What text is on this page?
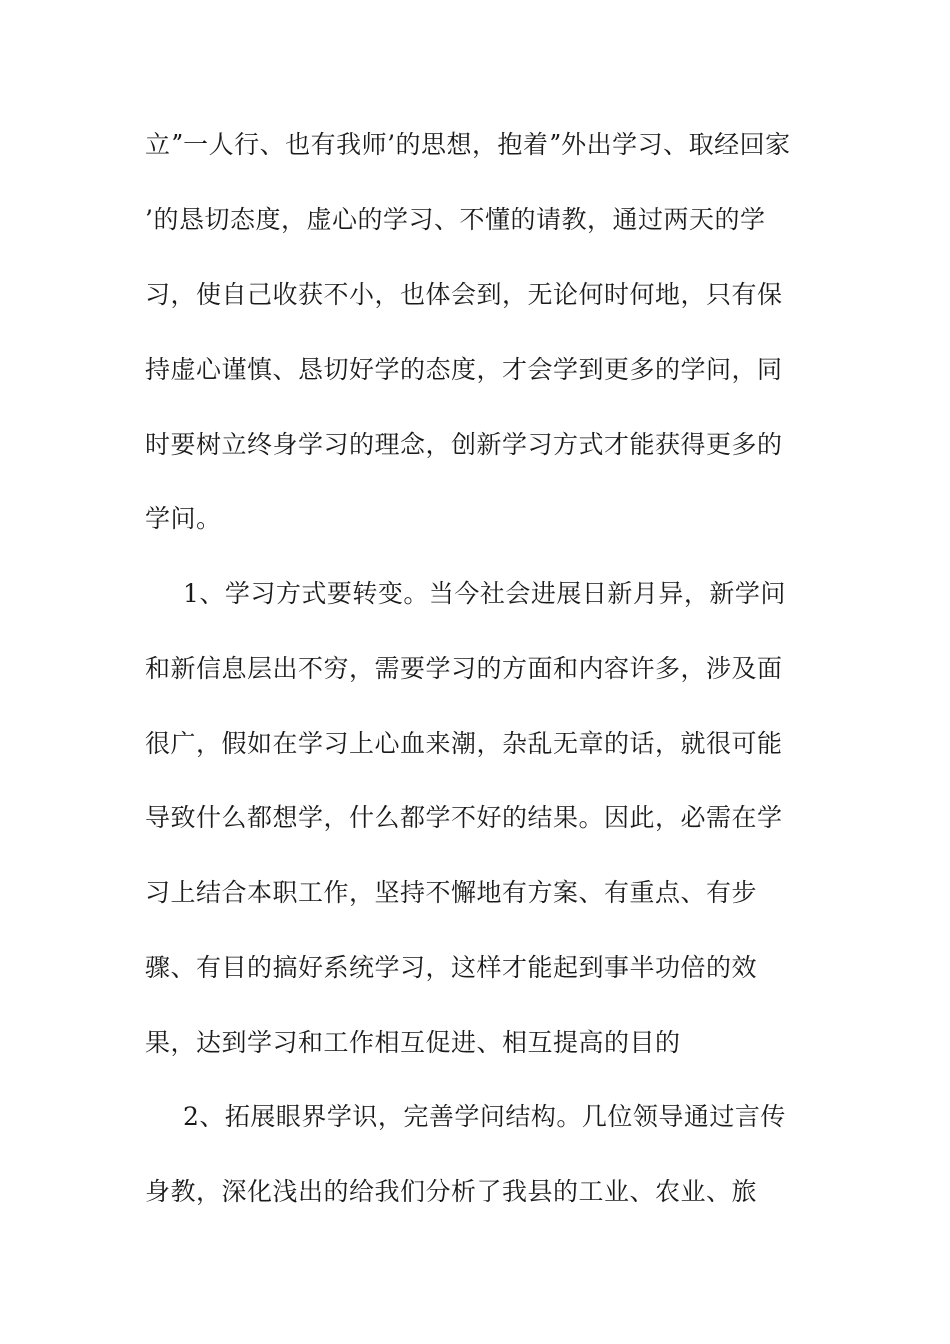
立ˮ一人行、也有我师’的思想，抱着ˮ外出学习、取经回家
’的恳切态度，虚心的学习、不懂的请教，通过两天的学
习，使自己收获不小，也体会到，无论何时何地，只有保
持虚心谨慎、恳切好学的态度，才会学到更多的学问，同
时要树立终身学习的理念，创新学习方式才能获得更多的
学问。
1、学习方式要转变。当今社会进展日新月异，新学问
和新信息层出不穷，需要学习的方面和内容许多，涉及面
很广，假如在学习上心血来潮，杂乱无章的话，就很可能
导致什么都想学，什么都学不好的结果。因此，必需在学
习上结合本职工作，坚持不懈地有方案、有重点、有步
骤、有目的搞好系统学习，这样才能起到事半功倍的效
果，达到学习和工作相互促进、相互提高的目的
2、拓展眼界学识，完善学问结构。几位领导通过言传
身教，深化浅出的给我们分析了我县的工业、农业、旅
